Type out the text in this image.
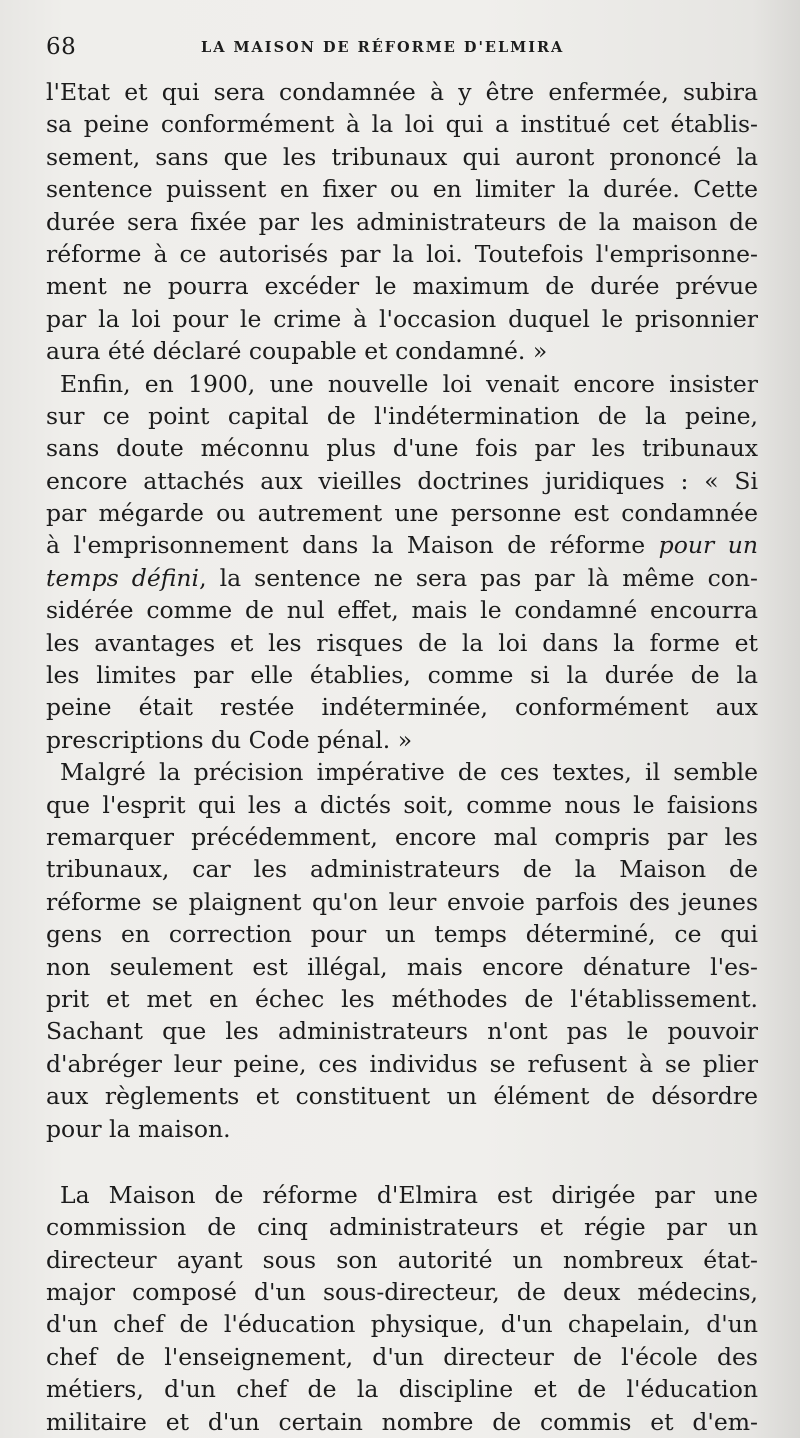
68	LA MAISON DE RÉFORME D'ELMIRA
l'Etat et qui sera condamnée à y être enfermée, subira
sa peine conformément à la loi qui a institué cet établis-
sement, sans que les tribunaux qui auront prononcé la
sentence puissent en fixer ou en limiter la durée. Cette
durée sera fixée par les administrateurs de la maison de
réforme à ce autorisés par la loi. Toutefois l'emprisonne-
ment ne pourra excéder le maximum de durée prévue
par la loi pour le crime à l'occasion duquel le prisonnier
aura été déclaré coupable et condamné. »
Enfin, en 1900, une nouvelle loi venait encore insister
sur ce point capital de l'indétermination de la peine,
sans doute méconnu plus d'une fois par les tribunaux
encore attachés aux vieilles doctrines juridiques : « Si
par mégarde ou autrement une personne est condamnée
à l'emprisonnement dans la Maison de réforme pour un
temps défini, la sentence ne sera pas par là même con-
sidérée comme de nul effet, mais le condamné encourra
les avantages et les risques de la loi dans la forme et
les limites par elle établies, comme si la durée de la
peine était restée indéterminée, conformément aux
prescriptions du Code pénal. »
Malgré la précision impérative de ces textes, il semble
que l'esprit qui les a dictés soit, comme nous le faisions
remarquer précédemment, encore mal compris par les
tribunaux, car les administrateurs de la Maison de
réforme se plaignent qu'on leur envoie parfois des jeunes
gens en correction pour un temps déterminé, ce qui
non seulement est illégal, mais encore dénature l'es-
prit et met en échec les méthodes de l'établissement.
Sachant que les administrateurs n'ont pas le pouvoir
d'abréger leur peine, ces individus se refusent à se plier
aux règlements et constituent un élément de désordre
pour la maison.
La Maison de réforme d'Elmira est dirigée par une
commission de cinq administrateurs et régie par un
directeur ayant sous son autorité un nombreux état-
major composé d'un sous-directeur, de deux médecins,
d'un chef de l'éducation physique, d'un chapelain, d'un
chef de l'enseignement, d'un directeur de l'école des
métiers, d'un chef de la discipline et de l'éducation
militaire et d'un certain nombre de commis et d'em-
